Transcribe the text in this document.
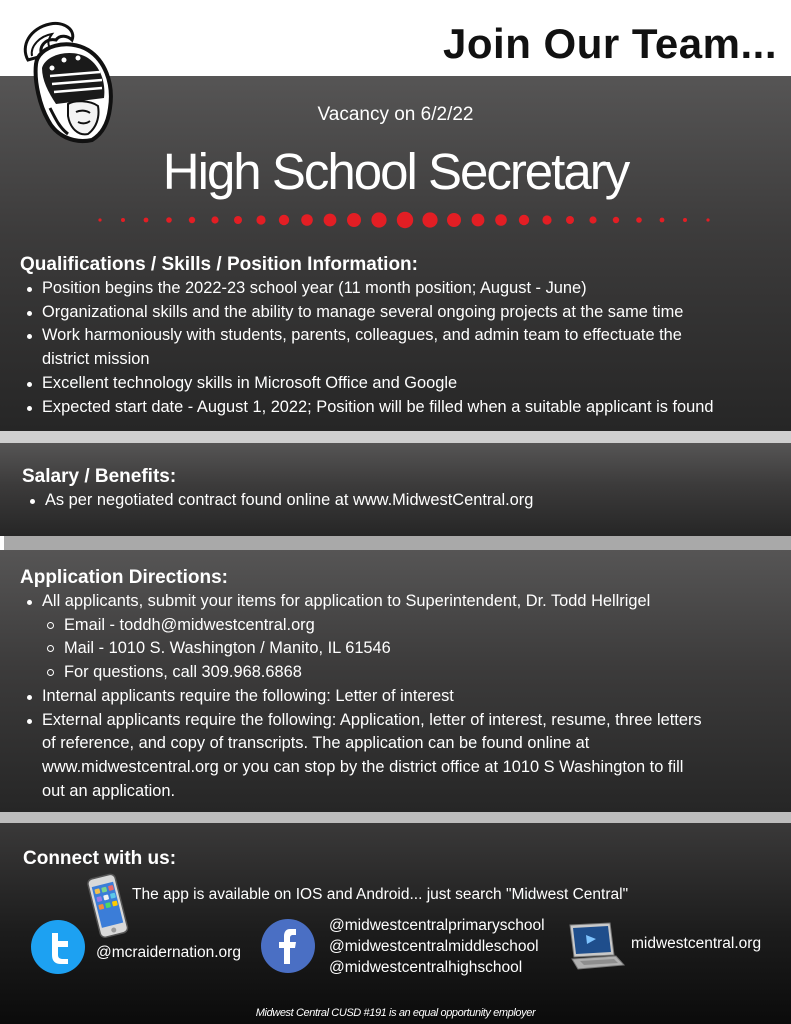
Join Our Team...
Vacancy on 6/2/22
High School Secretary
Qualifications / Skills / Position Information:
Position begins the 2022-23 school year (11 month position; August - June)
Organizational skills and the ability to manage several ongoing projects at the same time
Work harmoniously with students, parents, colleagues, and admin team to effectuate the
district mission
Excellent technology skills in Microsoft Office and Google
Expected start date - August 1, 2022; Position will be filled when a suitable applicant is found
Salary / Benefits:
As per negotiated contract found online at www.MidwestCentral.org
Application Directions:
All applicants, submit your items for application to Superintendent, Dr. Todd Hellrigel
Email - toddh@midwestcentral.org
Mail - 1010 S. Washington / Manito, IL 61546
For questions, call 309.968.6868
Internal applicants require the following: Letter of interest
External applicants require the following: Application, letter of interest, resume, three letters
of reference, and copy of transcripts. The application can be found online at
www.midwestcentral.org or you can stop by the district office at 1010 S Washington to fill
out an application.
Connect with us:
The app is available on IOS and Android... just search "Midwest Central"
@mcraidernation.org
@midwestcentralprimaryschool
@midwestcentralmiddleschool
@midwestcentralhighschool
midwestcentral.org
Midwest Central CUSD #191 is an equal opportunity employer
